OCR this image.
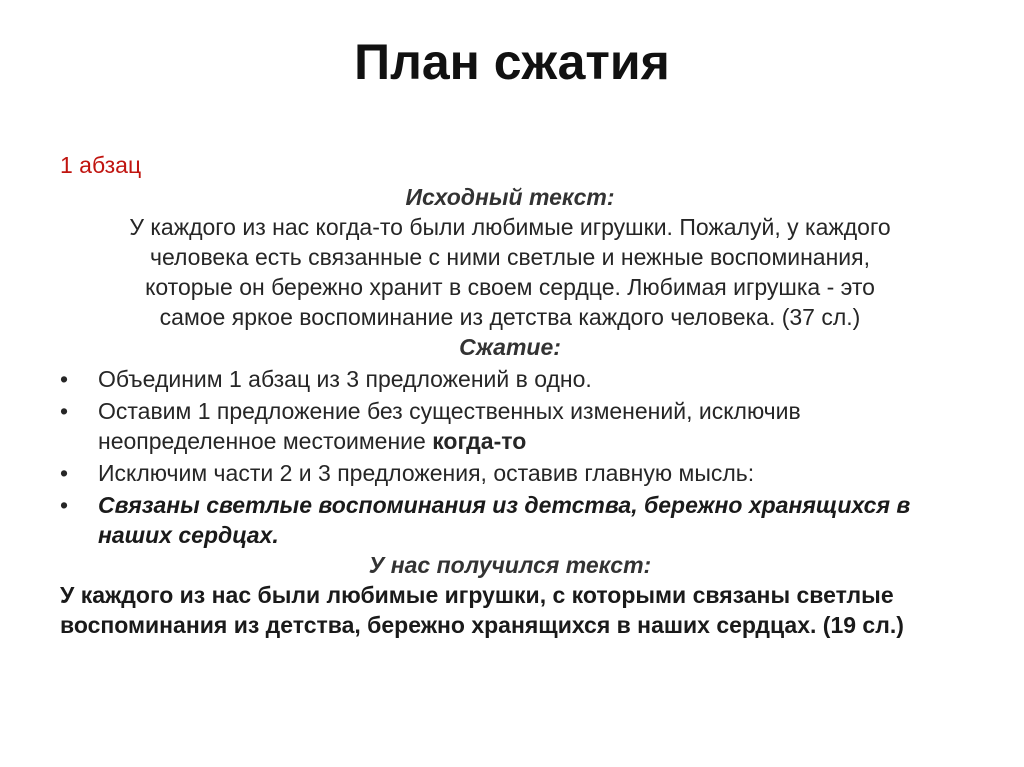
План сжатия

1 абзац

Исходный текст:

У каждого из нас когда-то были любимые игрушки. Пожалуй, у каждого

человека есть связанные с ними светлые и нежные воспоминания,

которые он бережно хранит в своем сердце. Любимая игрушка - это

самое яркое воспоминание из детства каждого человека. (37 сл.)

Сжатие:

• Объединим 1 абзац из 3 предложений в одно.
• Оставим 1 предложение без существенных изменений, исключив неопределенное местоимение когда-то
• Исключим части 2 и 3 предложения, оставив главную мысль:
• Связаны светлые воспоминания из детства, бережно хранящихся в наших сердцах.

У нас получился текст:

У каждого из нас были любимые игрушки, с которыми связаны светлые воспоминания из детства, бережно хранящихся в наших сердцах. (19 сл.)
